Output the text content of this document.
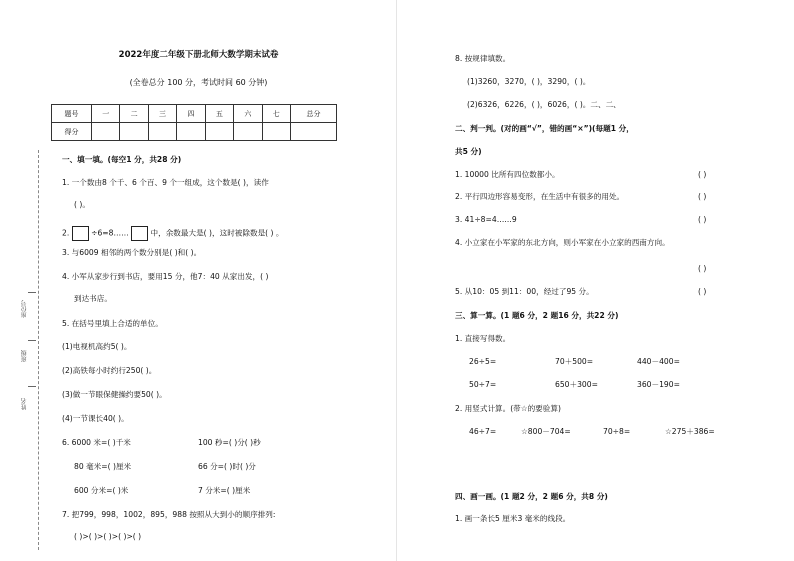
座位号
班级
姓名
2022年度二年级下册北师大数学期末试卷
(全卷总分 100 分，考试时间 60 分钟)
题号	一	二	三	四	五	六	七	总分
得分								
一、填一填。(每空1 分，共28 分)
1. 一个数由8 个千、6 个百、9 个一组成，这个数是( )，读作
( )。
2.	÷6=8……	中，余数最大是( )，这时被除数是( ) 。
3. 与6009 相邻的两个数分别是( )和( )。
4. 小军从家步行到书店，要用15 分，他7：40 从家出发，( )
到达书店。
5. 在括号里填上合适的单位。
(1)电视机高约5( )。
(2)高铁每小时约行250( )。
(3)做一节眼保健操约要50( )。
(4)一节课长40( )。
6. 6000 米=( )千米	100 秒=( )分( )秒
80 毫米=( )厘米	66 分=( )时( )分
600 分米=( )米	7 分米=( )厘米
7. 把799，998，1002，895，988 按照从大到小的顺序排列:
( )>( )>( )>( )>( )
8. 按规律填数。
(1)3260，3270，( )，3290，( )。
(2)6326，6226，( )，6026，( )。二、二、
二、判一判。(对的画“√”，错的画“×”)(每题1 分，
共5 分)
1. 10000 比所有四位数都小。	( )
2. 平行四边形容易变形，在生活中有很多的用处。	( )
3. 41÷8=4……9	( )
4. 小立家在小军家的东北方向，则小军家在小立家的西南方向。
( )
5. 从10：05 到11：00，经过了95 分。	( )
三、算一算。(1 题6 分，2 题16 分，共22 分)
1. 直接写得数。
26÷5=	70＋500=	440－400=
50÷7=	650＋300=	360－190=
2. 用竖式计算。(带☆的要验算)
46÷7=	☆800－704=	70÷8=	☆275＋386=
四、画一画。(1 题2 分，2 题6 分，共8 分)
1. 画一条长5 厘米3 毫米的线段。
